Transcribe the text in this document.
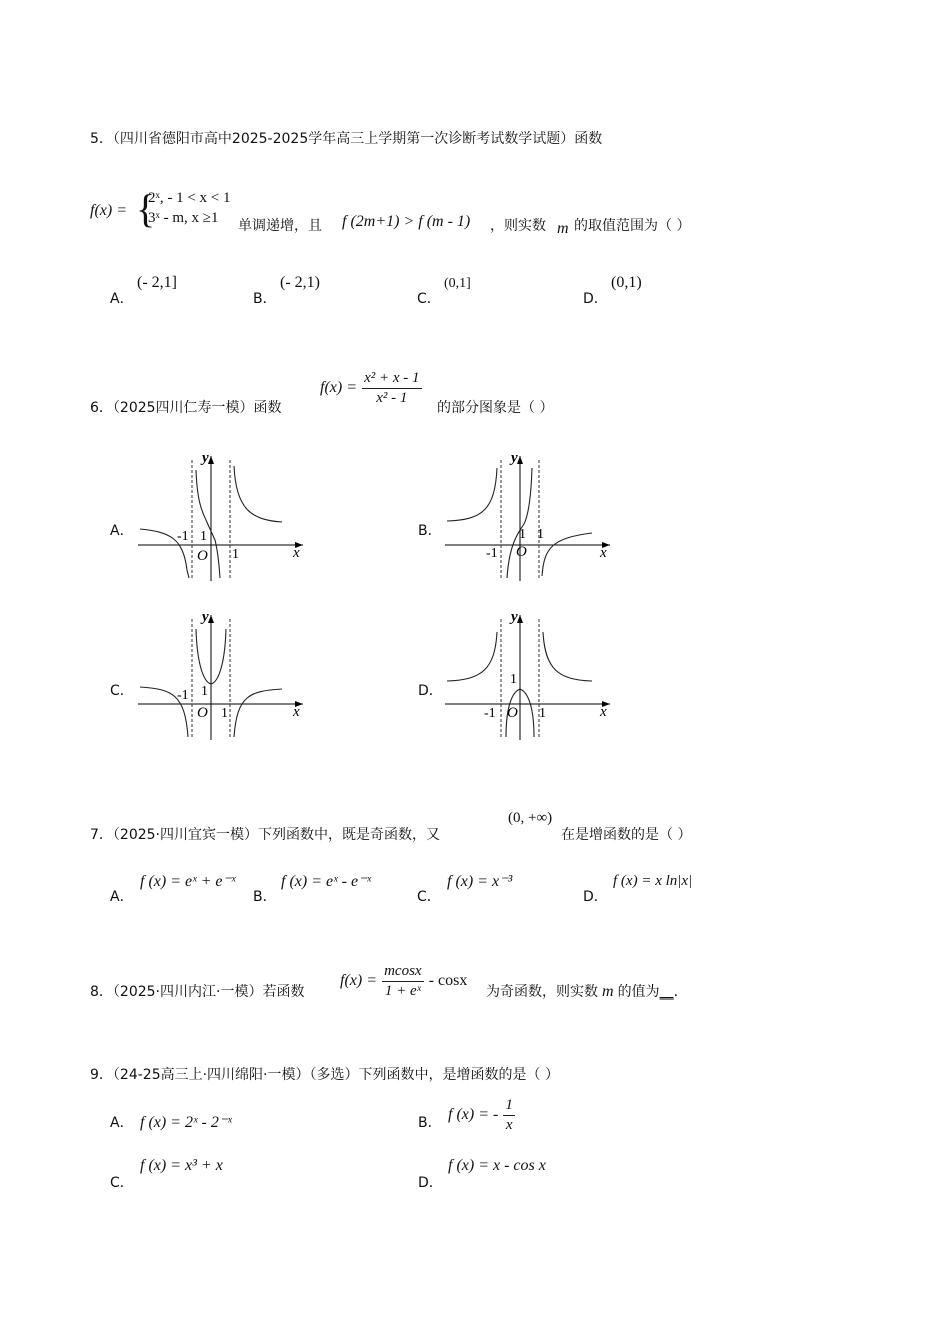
5．（四川省德阳市高中2025-2025学年高三上学期第一次诊断考试数学试题）函数
f(x) = {
2ˣ, - 1 < x < 1
3ˣ - m, x ≥1 单调递增，且 f (2m+1) > f (m - 1) ，则实数 m 的取值范围为（ ）
A．
(- 2,1]
B．
(- 2,1)
C．
(0,1]
D．
(0,1)
6．（2025四川仁寿一模）函数
$f(x) = \frac{\text{x² + x - 1}}{\text{x² - 1}}$
的部分图象是（ ）
A．	B．
C．	D．
y
x
O
-1 1
1
y
x
O
-1
1 1
y
x
O
-1 1
1
y
x
O
-1
1
1
7．（2025·四川宜宾一模）下列函数中，既是奇函数，又
(0, +∞)
在是增函数的是（ ）
A．
f (x) = eˣ + e⁻ˣ
B．
f (x) = eˣ - e⁻ˣ
C．
f (x) = x⁻³
D．
f (x) = x ln|x|
8．（2025·四川内江·一模）若函数
$f(x) = \frac{mcosx}{\text{1 + eˣ}} - \cos x$
为奇函数，则实数 m 的值为__.
9．（24-25高三上·四川绵阳·一模）（多选）下列函数中，是增函数的是（ ）
A． f (x) = 2ˣ - 2⁻ˣ	B． f (x) = - $\frac{1}{x}$
C．
f (x) = x³ + x
D．
f (x) = x - cos x
